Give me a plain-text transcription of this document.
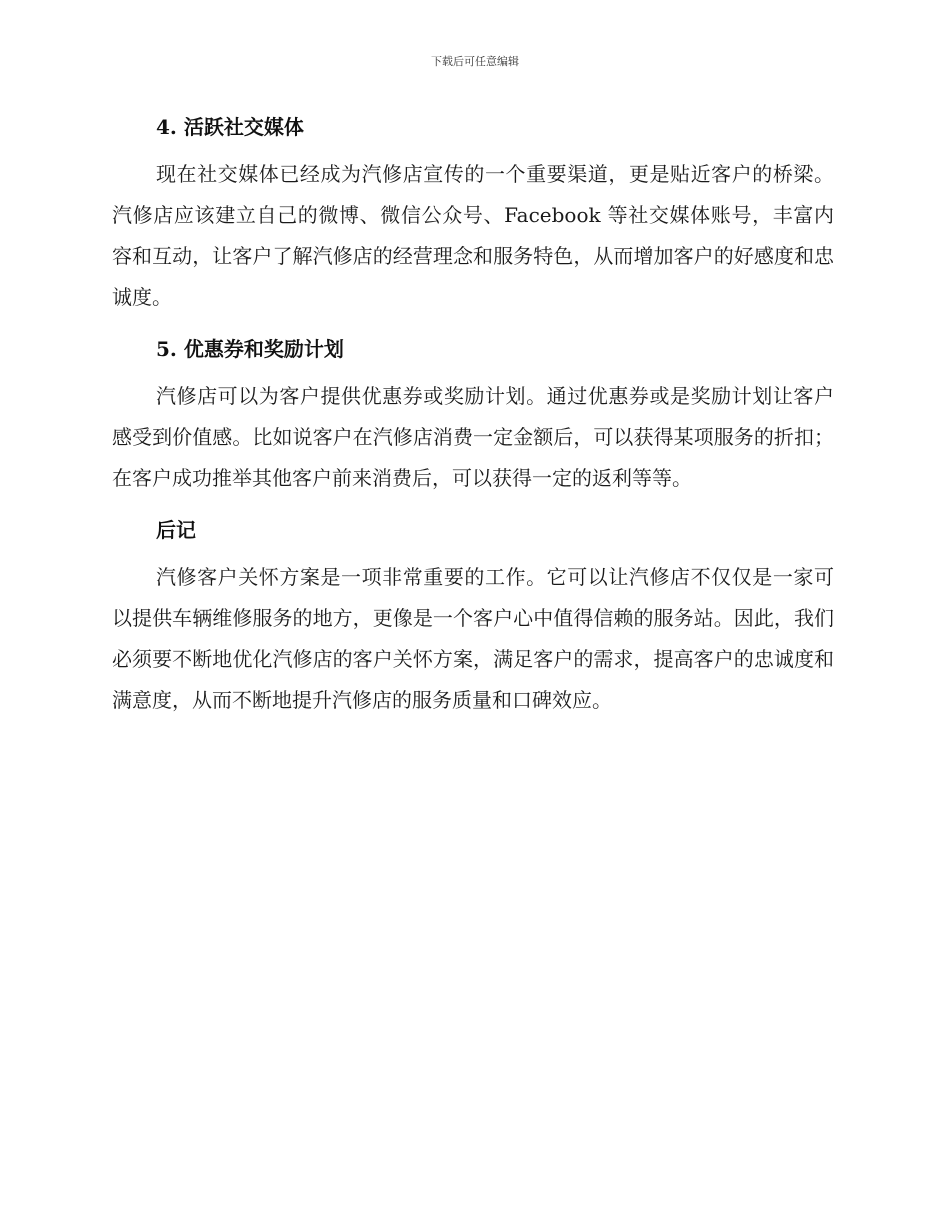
下载后可任意编辑
4. 活跃社交媒体

现在社交媒体已经成为汽修店宣传的一个重要渠道，更是贴近客户的桥梁。汽修店应该建立自己的微博、微信公众号、Facebook 等社交媒体账号，丰富内容和互动，让客户了解汽修店的经营理念和服务特色，从而增加客户的好感度和忠诚度。

5. 优惠券和奖励计划

汽修店可以为客户提供优惠券或奖励计划。通过优惠券或是奖励计划让客户感受到价值感。比如说客户在汽修店消费一定金额后，可以获得某项服务的折扣；在客户成功推举其他客户前来消费后，可以获得一定的返利等等。

后记

汽修客户关怀方案是一项非常重要的工作。它可以让汽修店不仅仅是一家可以提供车辆维修服务的地方，更像是一个客户心中值得信赖的服务站。因此，我们必须要不断地优化汽修店的客户关怀方案，满足客户的需求，提高客户的忠诚度和满意度，从而不断地提升汽修店的服务质量和口碑效应。
